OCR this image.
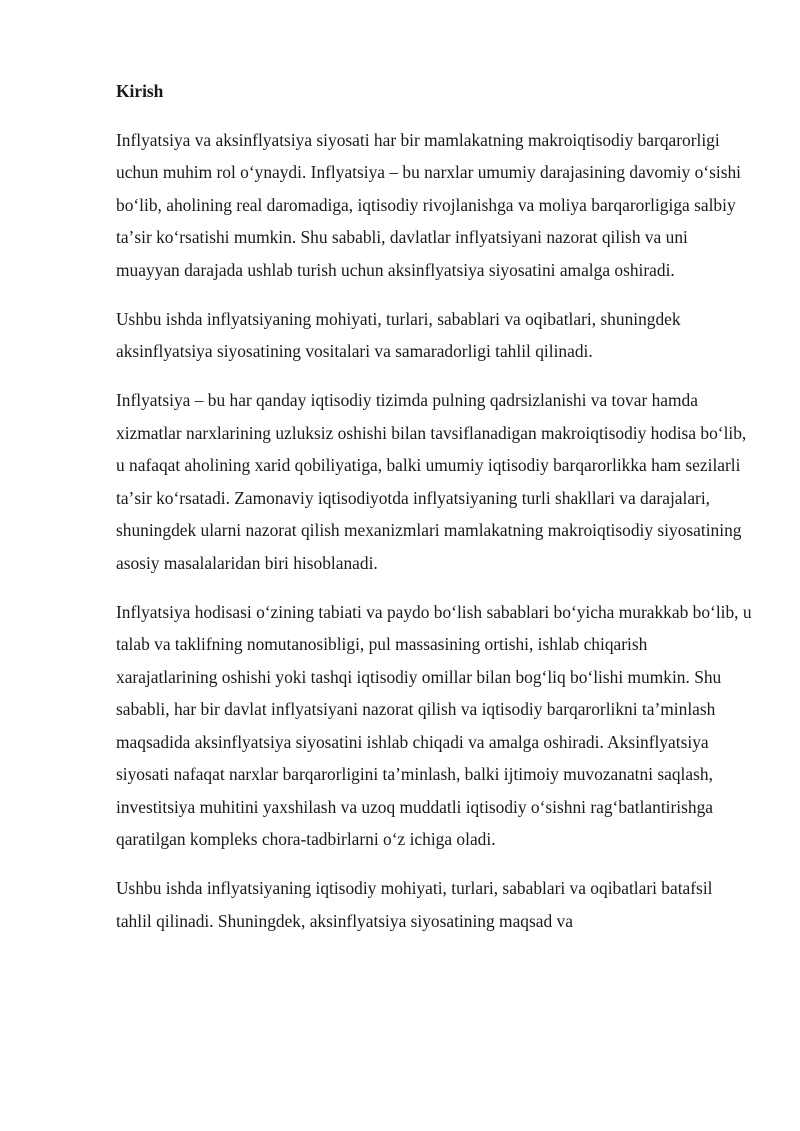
Kirish

Inflyatsiya va aksinflyatsiya siyosati har bir mamlakatning makroiqtisodiy barqarorligi uchun muhim rol oʻynaydi. Inflyatsiya – bu narxlar umumiy darajasining davomiy oʻsishi boʻlib, aholining real daromadiga, iqtisodiy rivojlanishga va moliya barqarorligiga salbiy taʼsir koʻrsatishi mumkin. Shu sababli, davlatlar inflyatsiyani nazorat qilish va uni muayyan darajada ushlab turish uchun aksinflyatsiya siyosatini amalga oshiradi.

Ushbu ishda inflyatsiyaning mohiyati, turlari, sabablari va oqibatlari, shuningdek aksinflyatsiya siyosatining vositalari va samaradorligi tahlil qilinadi.

Inflyatsiya – bu har qanday iqtisodiy tizimda pulning qadrsizlanishi va tovar hamda xizmatlar narxlarining uzluksiz oshishi bilan tavsiflanadigan makroiqtisodiy hodisa boʻlib, u nafaqat aholining xarid qobiliyatiga, balki umumiy iqtisodiy barqarorlikka ham sezilarli taʼsir koʻrsatadi. Zamonaviy iqtisodiyotda inflyatsiyaning turli shakllari va darajalari, shuningdek ularni nazorat qilish mexanizmlari mamlakatning makroiqtisodiy siyosatining asosiy masalalaridan biri hisoblanadi.

Inflyatsiya hodisasi oʻzining tabiati va paydo boʻlish sabablari boʻyicha murakkab boʻlib, u talab va taklifning nomutanosibligi, pul massasining ortishi, ishlab chiqarish xarajatlarining oshishi yoki tashqi iqtisodiy omillar bilan bogʻliq boʻlishi mumkin. Shu sababli, har bir davlat inflyatsiyani nazorat qilish va iqtisodiy barqarorlikni taʼminlash maqsadida aksinflyatsiya siyosatini ishlab chiqadi va amalga oshiradi. Aksinflyatsiya siyosati nafaqat narxlar barqarorligini taʼminlash, balki ijtimoiy muvozanatni saqlash, investitsiya muhitini yaxshilash va uzoq muddatli iqtisodiy oʻsishni ragʻbatlantirishga qaratilgan kompleks chora-tadbirlarni oʻz ichiga oladi.

Ushbu ishda inflyatsiyaning iqtisodiy mohiyati, turlari, sabablari va oqibatlari batafsil tahlil qilinadi. Shuningdek, aksinflyatsiya siyosatining maqsad va
